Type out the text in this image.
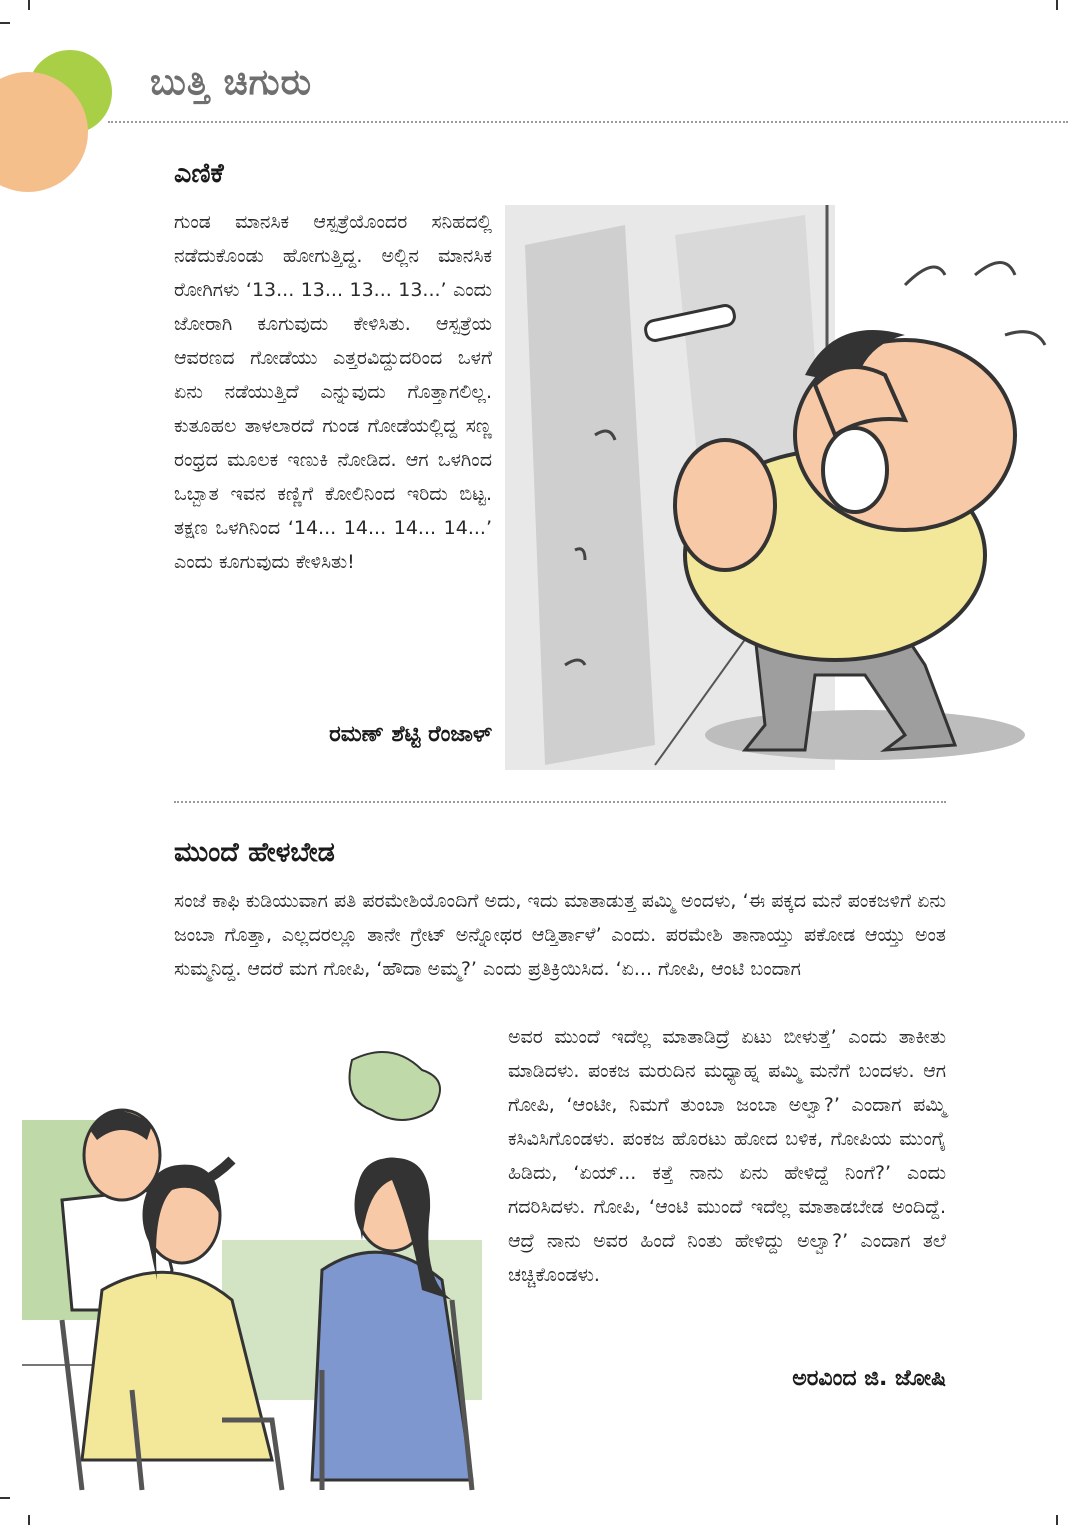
ಬುತ್ತಿ ಚಿಗುರು
ಎಣಿಕೆ
ಗುಂಡ ಮಾನಸಿಕ ಆಸ್ಪತ್ರೆಯೊಂದರ ಸನಿಹದಲ್ಲಿ ನಡೆದುಕೊಂಡು ಹೋಗುತ್ತಿದ್ದ. ಅಲ್ಲಿನ ಮಾನಸಿಕ ರೋಗಿಗಳು ‘13... 13... 13... 13...’ ಎಂದು ಜೋರಾಗಿ ಕೂಗುವುದು ಕೇಳಿಸಿತು. ಆಸ್ಪತ್ರೆಯ ಆವರಣದ ಗೋಡೆಯು ಎತ್ತರವಿದ್ದುದರಿಂದ ಒಳಗೆ ಏನು ನಡೆಯುತ್ತಿದೆ ಎನ್ನುವುದು ಗೊತ್ತಾಗಲಿಲ್ಲ. ಕುತೂಹಲ ತಾಳಲಾರದೆ ಗುಂಡ ಗೋಡೆಯಲ್ಲಿದ್ದ ಸಣ್ಣ ರಂಧ್ರದ ಮೂಲಕ ಇಣುಕಿ ನೋಡಿದ. ಆಗ ಒಳಗಿಂದ ಒಬ್ಬಾತ ಇವನ ಕಣ್ಣಿಗೆ ಕೋಲಿನಿಂದ ಇರಿದು ಬಿಟ್ಟ. ತಕ್ಷಣ ಒಳಗಿನಿಂದ ‘14... 14... 14... 14...’ ಎಂದು ಕೂಗುವುದು ಕೇಳಿಸಿತು!
ರಮಣ್ ಶೆಟ್ಟಿ ರೆಂಜಾಳ್
ಮುಂದೆ ಹೇಳಬೇಡ
ಸಂಜೆ ಕಾಫಿ ಕುಡಿಯುವಾಗ ಪತಿ ಪರಮೇಶಿಯೊಂದಿಗೆ ಅದು, ಇದು ಮಾತಾಡುತ್ತ ಪಮ್ಮಿ ಅಂದಳು, ‘ಈ ಪಕ್ಕದ ಮನೆ ಪಂಕಜಳಿಗೆ ಏನು ಜಂಬಾ ಗೊತ್ತಾ, ಎಲ್ಲದರಲ್ಲೂ ತಾನೇ ಗ್ರೇಟ್ ಅನ್ನೋಥರ ಆಡ್ತಿರ್ತಾಳೆ’ ಎಂದು. ಪರಮೇಶಿ ತಾನಾಯ್ತು ಪಕೋಡ ಆಯ್ತು ಅಂತ ಸುಮ್ಮನಿದ್ದ. ಆದರೆ ಮಗ ಗೋಪಿ, ‘ಹೌದಾ ಅಮ್ಮ?’ ಎಂದು ಪ್ರತಿಕ್ರಿಯಿಸಿದ. ‘ಏ... ಗೋಪಿ, ಆಂಟಿ ಬಂದಾಗ
ಅವರ ಮುಂದೆ ಇದೆಲ್ಲ ಮಾತಾಡಿದ್ರೆ ಏಟು ಬೀಳುತ್ತೆ’ ಎಂದು ತಾಕೀತು ಮಾಡಿದಳು. ಪಂಕಜ ಮರುದಿನ ಮಧ್ಯಾಹ್ನ ಪಮ್ಮಿ ಮನೆಗೆ ಬಂದಳು. ಆಗ ಗೋಪಿ, ‘ಆಂಟೀ, ನಿಮಗೆ ತುಂಬಾ ಜಂಬಾ ಅಲ್ವಾ?’ ಎಂದಾಗ ಪಮ್ಮಿ ಕಸಿವಿಸಿಗೊಂಡಳು. ಪಂಕಜ ಹೊರಟು ಹೋದ ಬಳಿಕ, ಗೋಪಿಯ ಮುಂಗೈ ಹಿಡಿದು, ‘ಏಯ್... ಕತ್ತೆ ನಾನು ಏನು ಹೇಳಿದ್ದೆ ನಿಂಗೆ?’ ಎಂದು ಗದರಿಸಿದಳು. ಗೋಪಿ, ‘ಆಂಟಿ ಮುಂದೆ ಇದೆಲ್ಲ ಮಾತಾಡಬೇಡ ಅಂದಿದ್ದೆ. ಆದ್ರೆ ನಾನು ಅವರ ಹಿಂದೆ ನಿಂತು ಹೇಳಿದ್ದು ಅಲ್ವಾ?’ ಎಂದಾಗ ತಲೆ ಚಚ್ಚಿಕೊಂಡಳು.
ಅರವಿಂದ ಜಿ. ಜೋಷಿ
